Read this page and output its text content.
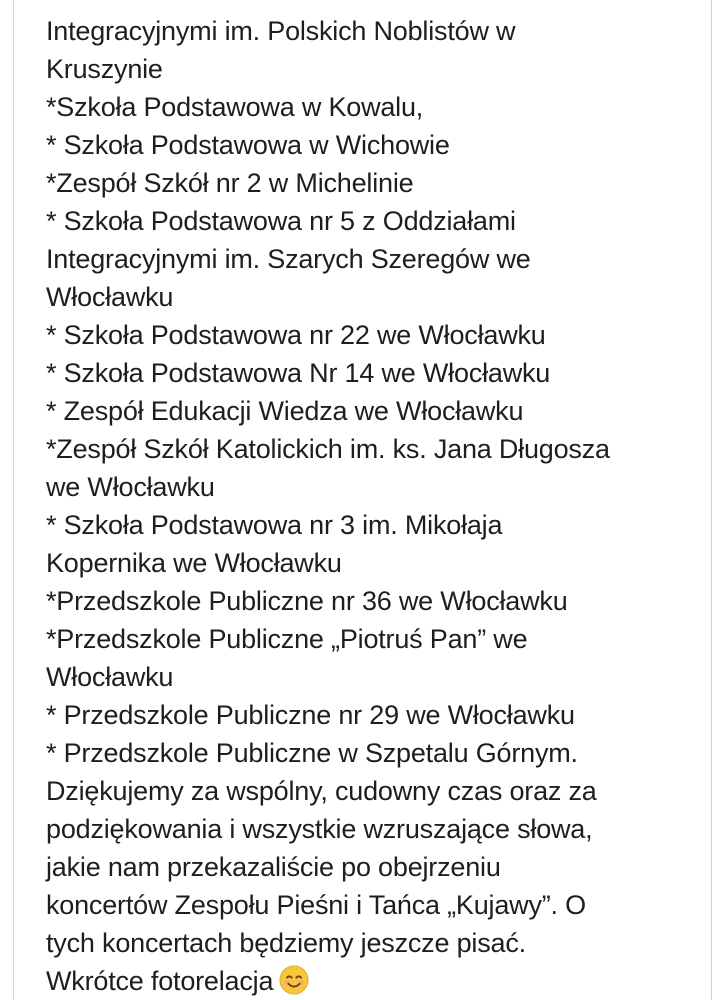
Integracyjnymi im. Polskich Noblistów w
Kruszynie
*Szkoła Podstawowa w Kowalu,
* Szkoła Podstawowa w Wichowie
*Zespół Szkół nr 2 w Michelinie
* Szkoła Podstawowa nr 5 z Oddziałami
Integracyjnymi im. Szarych Szeregów we
Włocławku
* Szkoła Podstawowa nr 22 we Włocławku
* Szkoła Podstawowa Nr 14 we Włocławku
* Zespół Edukacji Wiedza we Włocławku
*Zespół Szkół Katolickich im. ks. Jana Długosza
we Włocławku
* Szkoła Podstawowa nr 3 im. Mikołaja
Kopernika we Włocławku
*Przedszkole Publiczne nr 36 we Włocławku
*Przedszkole Publiczne „Piotruś Pan” we
Włocławku
* Przedszkole Publiczne nr 29 we Włocławku
* Przedszkole Publiczne w Szpetalu Górnym.
Dziękujemy za wspólny, cudowny czas oraz za
podziękowania i wszystkie wzruszające słowa,
jakie nam przekazaliście po obejrzeniu
koncertów Zespołu Pieśni i Tańca „Kujawy”. O
tych koncertach będziemy jeszcze pisać.
Wkrótce fotorelacja
